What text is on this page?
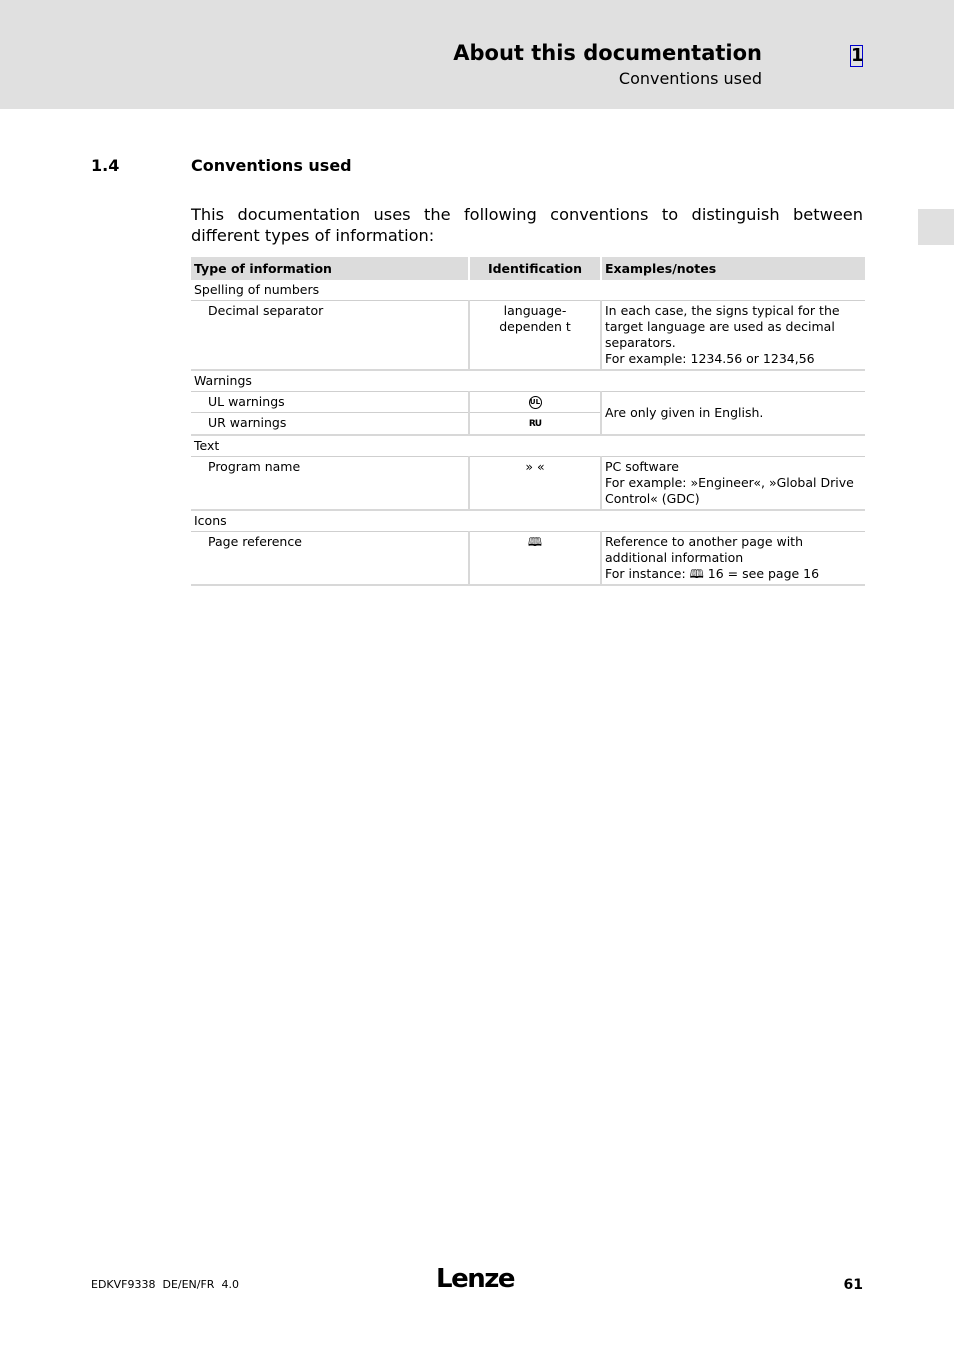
About this documentation
Conventions used
1
1.4	Conventions used
This documentation uses the following conventions to distinguish between different types of information:
Type of information	Identification	Examples/notes
Spelling of numbers		
Decimal separator	language-dependen t	In each case, the signs typical for the target language are used as decimal separators.
For example: 1234.56 or 1234,56

Warnings		
UL warnings	UL	Are only given in English.
UR warnings	RU	
Text		
Program name	» «	PC software
For example: »Engineer«, »Global Drive Control« (GDC)

Icons		
Page reference	🕮	Reference to another page with additional information
For instance: 🕮 16 = see page 16
EDKVF9338  DE/EN/FR  4.0	Lenze	61
